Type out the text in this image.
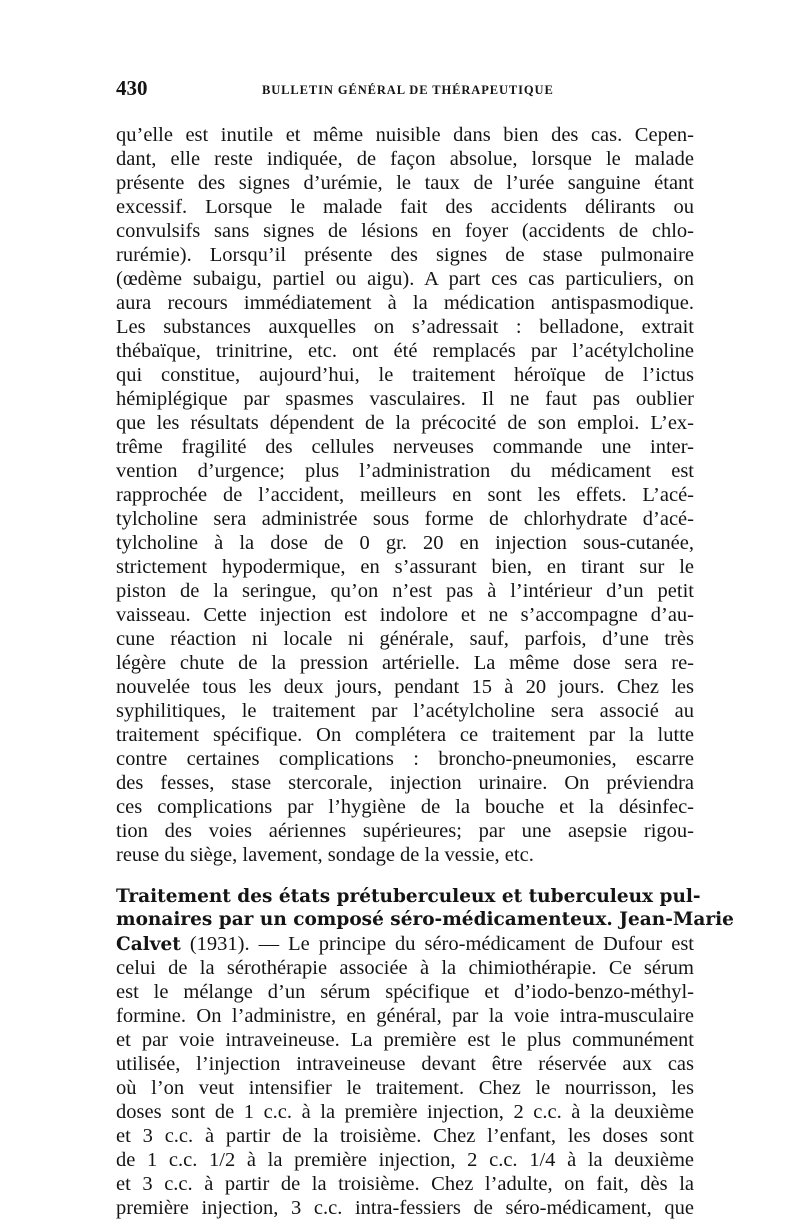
430	BULLETIN GÉNÉRAL DE THÉRAPEUTIQUE
qu’elle est inutile et même nuisible dans bien des cas. Cepen-
dant, elle reste indiquée, de façon absolue, lorsque le malade
présente des signes d’urémie, le taux de l’urée sanguine étant
excessif. Lorsque le malade fait des accidents délirants ou
convulsifs sans signes de lésions en foyer (accidents de chlo-
rurémie). Lorsqu’il présente des signes de stase pulmonaire
(œdème subaigu, partiel ou aigu). A part ces cas particuliers, on
aura recours immédiatement à la médication antispasmodique.
Les substances auxquelles on s’adressait : belladone, extrait
thébaïque, trinitrine, etc. ont été remplacés par l’acétylcholine
qui constitue, aujourd’hui, le traitement héroïque de l’ictus
hémiplégique par spasmes vasculaires. Il ne faut pas oublier
que les résultats dépendent de la précocité de son emploi. L’ex-
trême fragilité des cellules nerveuses commande une inter-
vention d’urgence; plus l’administration du médicament est
rapprochée de l’accident, meilleurs en sont les effets. L’acé-
tylcholine sera administrée sous forme de chlorhydrate d’acé-
tylcholine à la dose de 0 gr. 20 en injection sous-cutanée,
strictement hypodermique, en s’assurant bien, en tirant sur le
piston de la seringue, qu’on n’est pas à l’intérieur d’un petit
vaisseau. Cette injection est indolore et ne s’accompagne d’au-
cune réaction ni locale ni générale, sauf, parfois, d’une très
légère chute de la pression artérielle. La même dose sera re-
nouvelée tous les deux jours, pendant 15 à 20 jours. Chez les
syphilitiques, le traitement par l’acétylcholine sera associé au
traitement spécifique. On complétera ce traitement par la lutte
contre certaines complications : broncho-pneumonies, escarre
des fesses, stase stercorale, injection urinaire. On préviendra
ces complications par l’hygiène de la bouche et la désinfec-
tion des voies aériennes supérieures; par une asepsie rigou-
reuse du siège, lavement, sondage de la vessie, etc.
Traitement des états prétuberculeux et tuberculeux pul-
monaires par un composé séro-médicamenteux. Jean-Marie
Calvet (1931). — Le principe du séro-médicament de Dufour est
celui de la sérothérapie associée à la chimiothérapie. Ce sérum
est le mélange d’un sérum spécifique et d’iodo-benzo-méthyl-
formine. On l’administre, en général, par la voie intra-musculaire
et par voie intraveineuse. La première est le plus communément
utilisée, l’injection intraveineuse devant être réservée aux cas
où l’on veut intensifier le traitement. Chez le nourrisson, les
doses sont de 1 c.c. à la première injection, 2 c.c. à la deuxième
et 3 c.c. à partir de la troisième. Chez l’enfant, les doses sont
de 1 c.c. 1/2 à la première injection, 2 c.c. 1/4 à la deuxième
et 3 c.c. à partir de la troisième. Chez l’adulte, on fait, dès la
première injection, 3 c.c. intra-fessiers de séro-médicament, que
